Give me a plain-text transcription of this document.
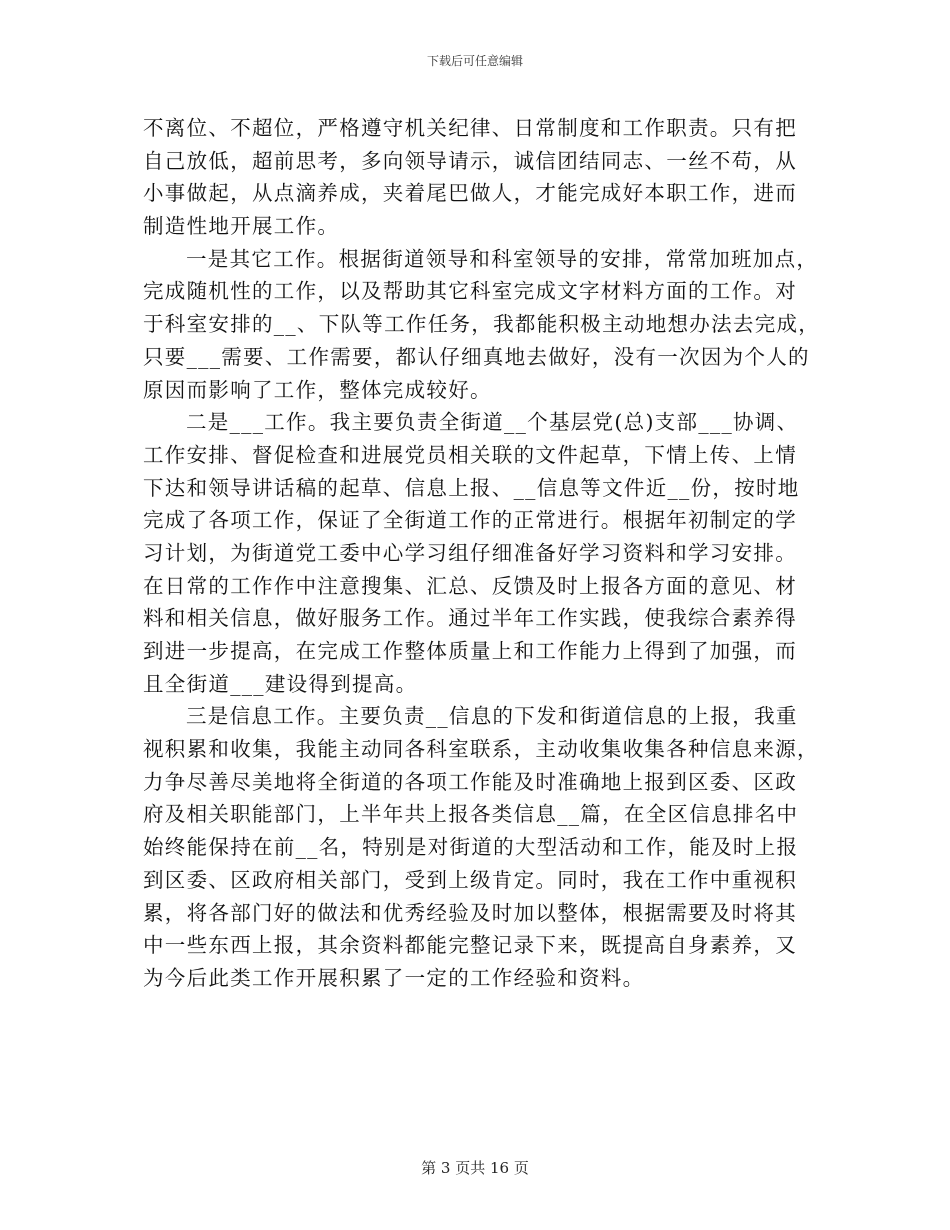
下载后可任意编辑
不离位、不超位，严格遵守机关纪律、日常制度和工作职责。只有把
自己放低，超前思考，多向领导请示，诚信团结同志、一丝不苟，从
小事做起，从点滴养成，夹着尾巴做人，才能完成好本职工作，进而
制造性地开展工作。
一是其它工作。根据街道领导和科室领导的安排，常常加班加点，
完成随机性的工作，以及帮助其它科室完成文字材料方面的工作。对
于科室安排的__、下队等工作任务，我都能积极主动地想办法去完成，
只要___需要、工作需要，都认仔细真地去做好，没有一次因为个人的
原因而影响了工作，整体完成较好。
二是___工作。我主要负责全街道__个基层党(总)支部___协调、
工作安排、督促检查和进展党员相关联的文件起草，下情上传、上情
下达和领导讲话稿的起草、信息上报、__信息等文件近__份，按时地
完成了各项工作，保证了全街道工作的正常进行。根据年初制定的学
习计划，为街道党工委中心学习组仔细准备好学习资料和学习安排。
在日常的工作作中注意搜集、汇总、反馈及时上报各方面的意见、材
料和相关信息，做好服务工作。通过半年工作实践，使我综合素养得
到进一步提高，在完成工作整体质量上和工作能力上得到了加强，而
且全街道___建设得到提高。
三是信息工作。主要负责__信息的下发和街道信息的上报，我重
视积累和收集，我能主动同各科室联系，主动收集收集各种信息来源，
力争尽善尽美地将全街道的各项工作能及时准确地上报到区委、区政
府及相关职能部门，上半年共上报各类信息__篇，在全区信息排名中
始终能保持在前__名，特别是对街道的大型活动和工作，能及时上报
到区委、区政府相关部门，受到上级肯定。同时，我在工作中重视积
累，将各部门好的做法和优秀经验及时加以整体，根据需要及时将其
中一些东西上报，其余资料都能完整记录下来，既提高自身素养，又
为今后此类工作开展积累了一定的工作经验和资料。
第 3 页共 16 页
